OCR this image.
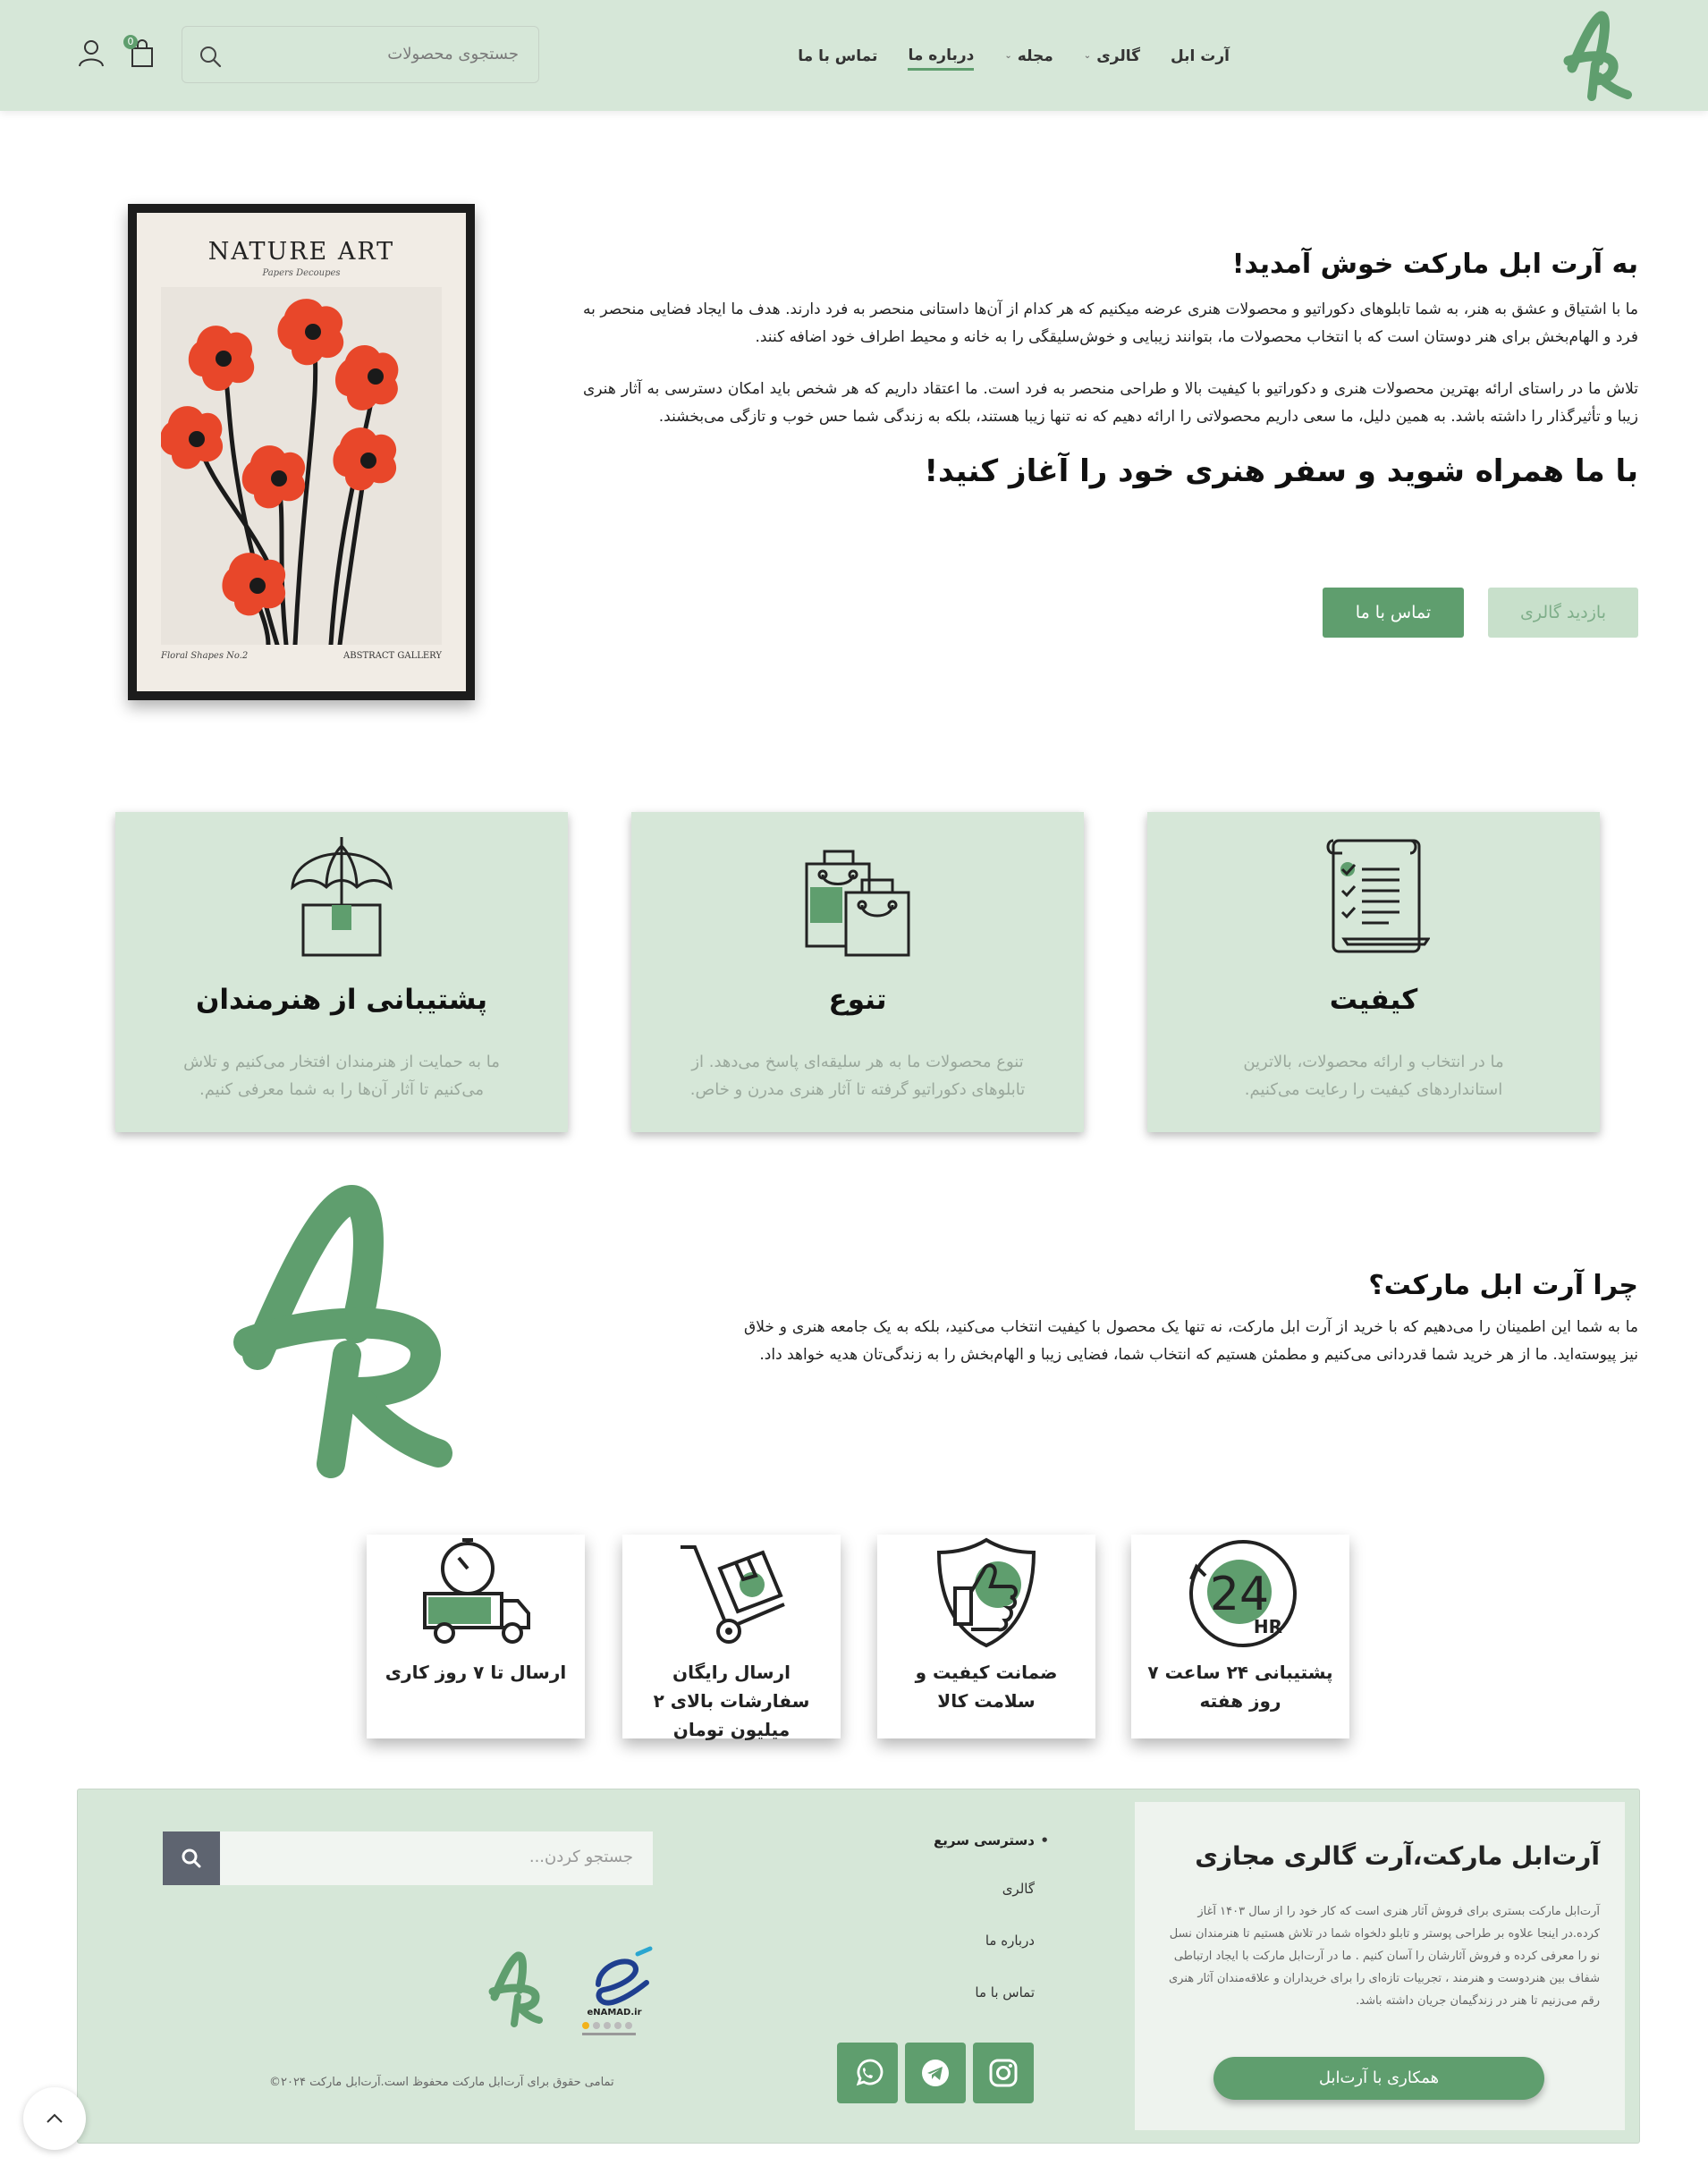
آرت ابل
گالری
⌄
مجله
⌄
درباره ما
تماس با ما
جستجوی محصولات
0
NATURE ART
Papers Decoupes
Floral Shapes No.2	ABSTRACT GALLERY
به آرت ابل مارکت خوش آمدید!
ما با اشتیاق و عشق به هنر، به شما تابلوهای دکوراتیو و محصولات هنری عرضه میکنیم که هر کدام از آن‌ها داستانی منحصر به فرد دارند. هدف ما ایجاد فضایی منحصر به فرد و الهام‌بخش برای هنر دوستان است که با انتخاب محصولات ما، بتوانند زیبایی و خوش‌سلیقگی را به خانه و محیط اطراف خود اضافه کنند.
تلاش ما در راستای ارائه بهترین محصولات هنری و دکوراتیو با کیفیت بالا و طراحی منحصر به فرد است. ما اعتقاد داریم که هر شخص باید امکان دسترسی به آثار هنری زیبا و تأثیرگذار را داشته باشد. به همین دلیل، ما سعی داریم محصولاتی را ارائه دهیم که نه تنها زیبا هستند، بلکه به زندگی شما حس خوب و تازگی می‌بخشند.
با ما همراه شوید و سفر هنری خود را آغاز کنید!
تماس با ما	بازدید گالری
کیفیت
ما در انتخاب و ارائه محصولات، بالاترین استانداردهای کیفیت را رعایت می‌کنیم.
تنوع
تنوع محصولات ما به هر سلیقه‌ای پاسخ می‌دهد. از تابلوهای دکوراتیو گرفته تا آثار هنری مدرن و خاص.
پشتیبانی از هنرمندان
ما به حمایت از هنرمندان افتخار می‌کنیم و تلاش می‌کنیم تا آثار آن‌ها را به شما معرفی کنیم.
چرا آرت ابل مارکت؟
ما به شما این اطمینان را می‌دهیم که با خرید از آرت ابل مارکت، نه تنها یک محصول با کیفیت انتخاب می‌کنید، بلکه به یک جامعه هنری و خلاق نیز پیوسته‌اید. ما از هر خرید شما قدردانی می‌کنیم و مطمئن هستیم که انتخاب شما، فضایی زیبا و الهام‌بخش را به زندگی‌تان هدیه خواهد داد.
24
HR
پشتیبانی ۲۴ ساعت ۷ روز هفته
ضمانت کیفیت و سلامت کالا
ارسال رایگان سفارشات بالای ۲ میلیون تومان
ارسال تا ۷ روز کاری
آرت‌ابل مارکت،آرت گالری مجازی
آرت‌ابل مارکت بستری برای فروش آثار هنری است که کار خود را از سال ۱۴۰۳ آغاز کرده.در اینجا علاوه بر طراحی پوستر و تابلو دلخواه شما در تلاش هستیم تا هنرمندان نسل نو را معرفی کرده و فروش آثارشان را آسان کنیم . ما در آرت‌ابل مارکت با ایجاد ارتباطی شفاف بین هنردوست و هنرمند ، تجربیات تازه‌ای را برای خریداران و علاقه‌مندان آثار هنری رقم می‌زنیم تا هنر در زندگیمان جریان داشته باشد.
همکاری با آرت‌ابل
• دسترسی سریع
گالری
درباره ما
تماس با ما
جستجو کردن...
eNAMAD.ir
تمامی حقوق برای آرت‌ابل مارکت محفوظ است.آرت‌ابل مارکت ۲۰۲۴©
